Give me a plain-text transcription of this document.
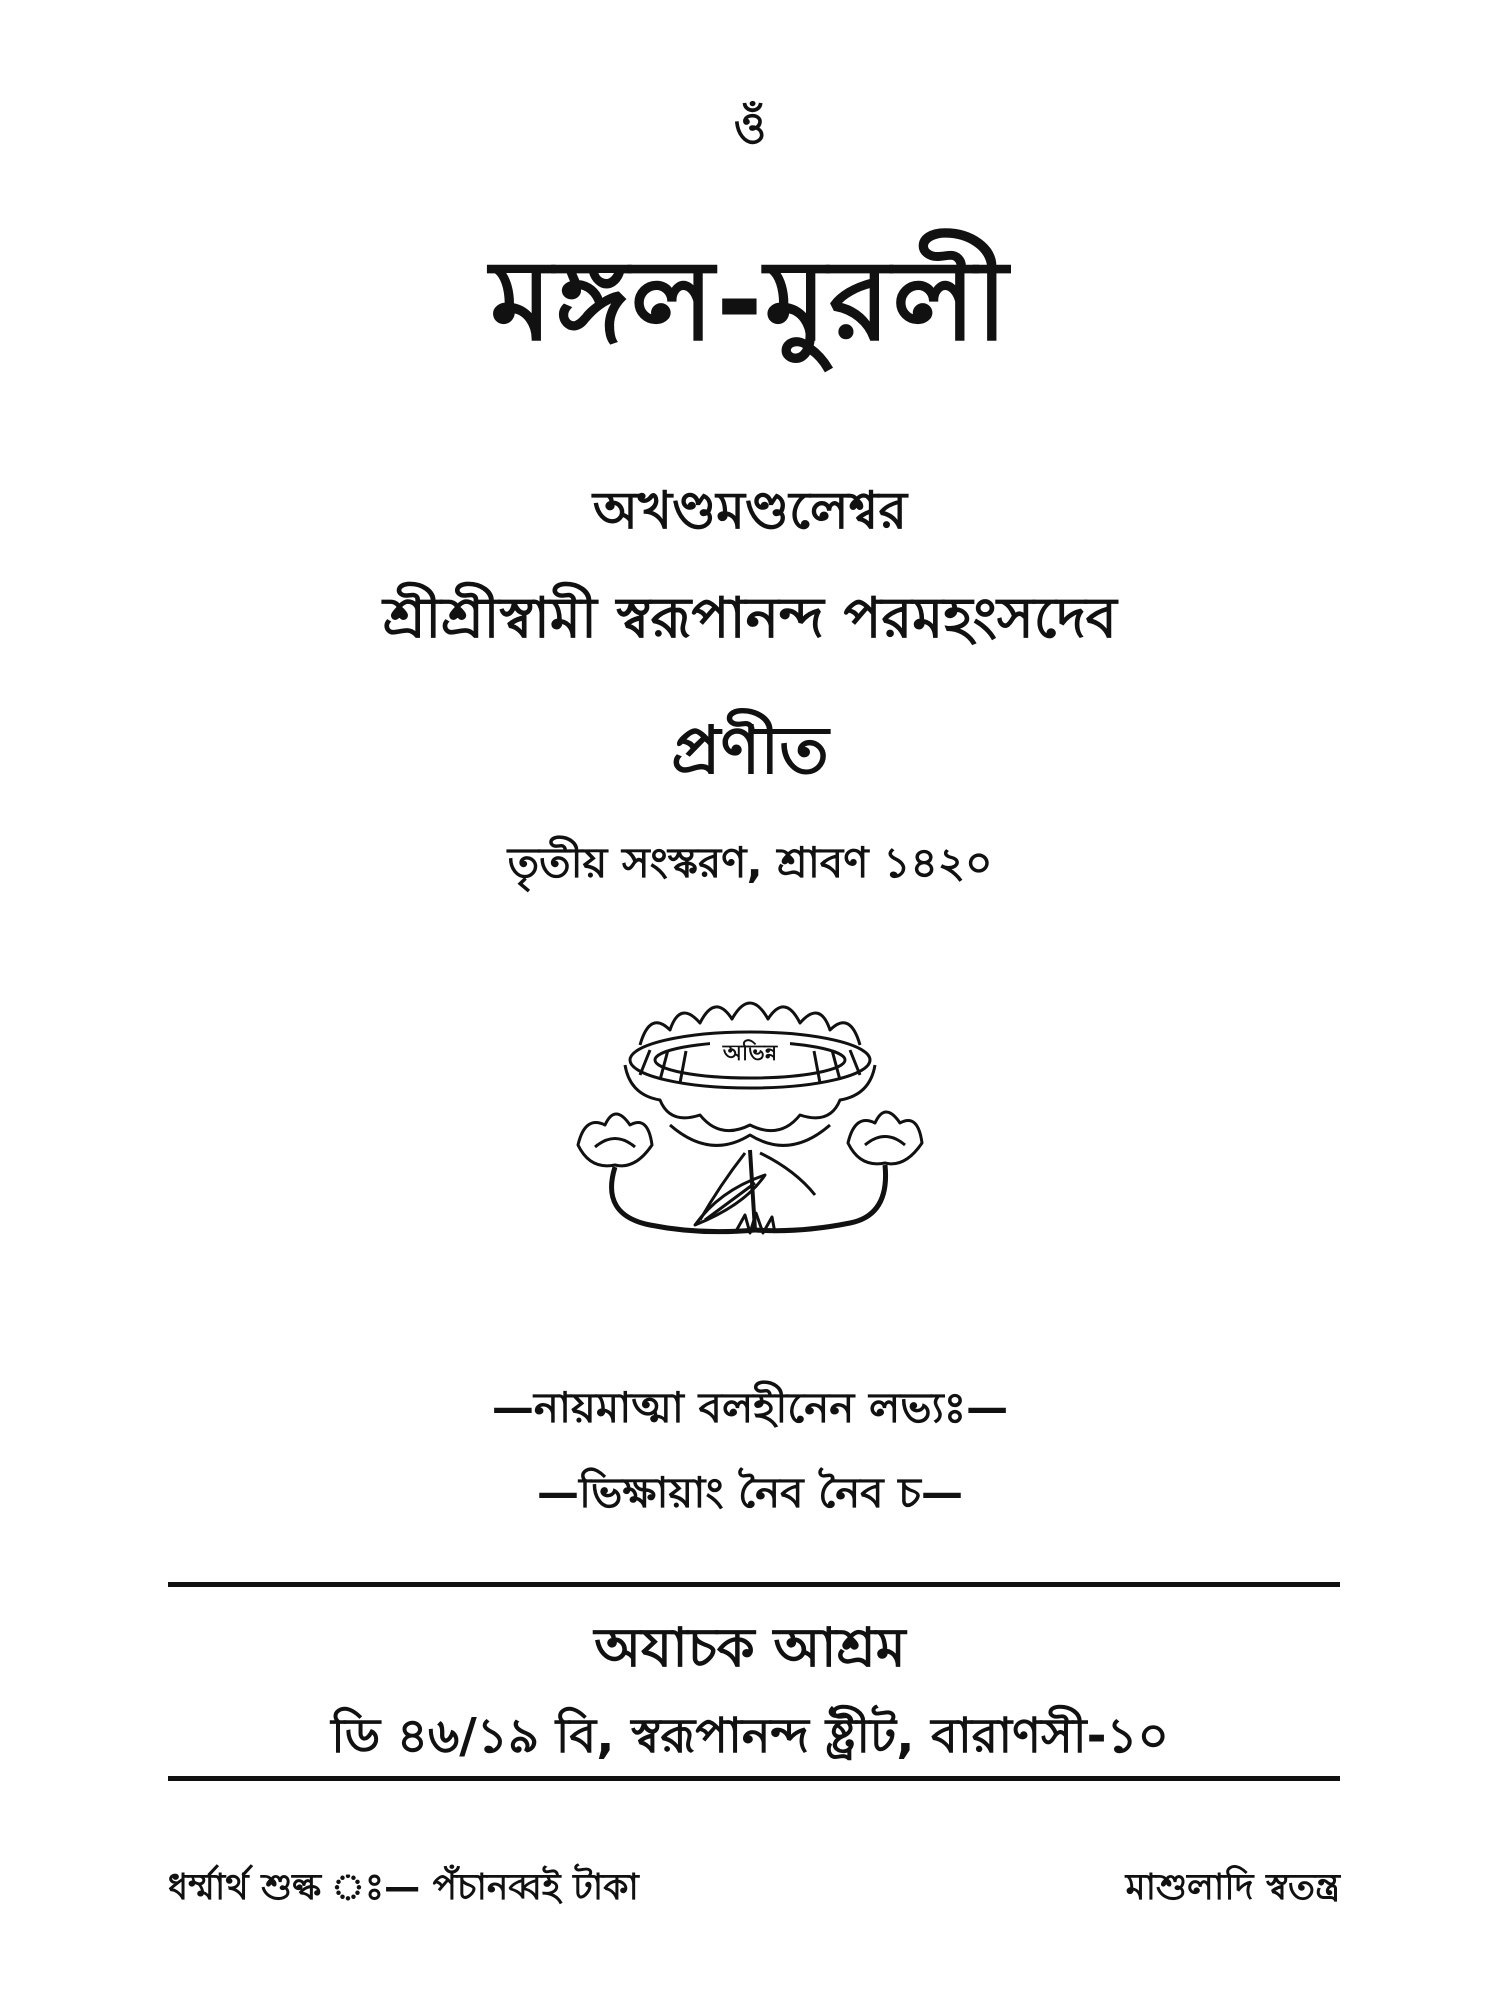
ওঁ
মঙ্গল-মুরলী
অখণ্ডমণ্ডলেশ্বর
শ্রীশ্রীস্বামী স্বরূপানন্দ পরমহংসদেব
প্রণীত
তৃতীয় সংস্করণ, শ্রাবণ ১৪২০
অভিন্ন
—নায়মাত্মা বলহীনেন লভ্যঃ—
—ভিক্ষায়াং নৈব নৈব চ—
অযাচক আশ্রম
ডি ৪৬/১৯ বি, স্বরূপানন্দ ষ্ট্রীট, বারাণসী-১০
ধর্ম্মার্থ শুল্ক ঃ— পঁচানব্বই টাকা	মাশুলাদি স্বতন্ত্র
